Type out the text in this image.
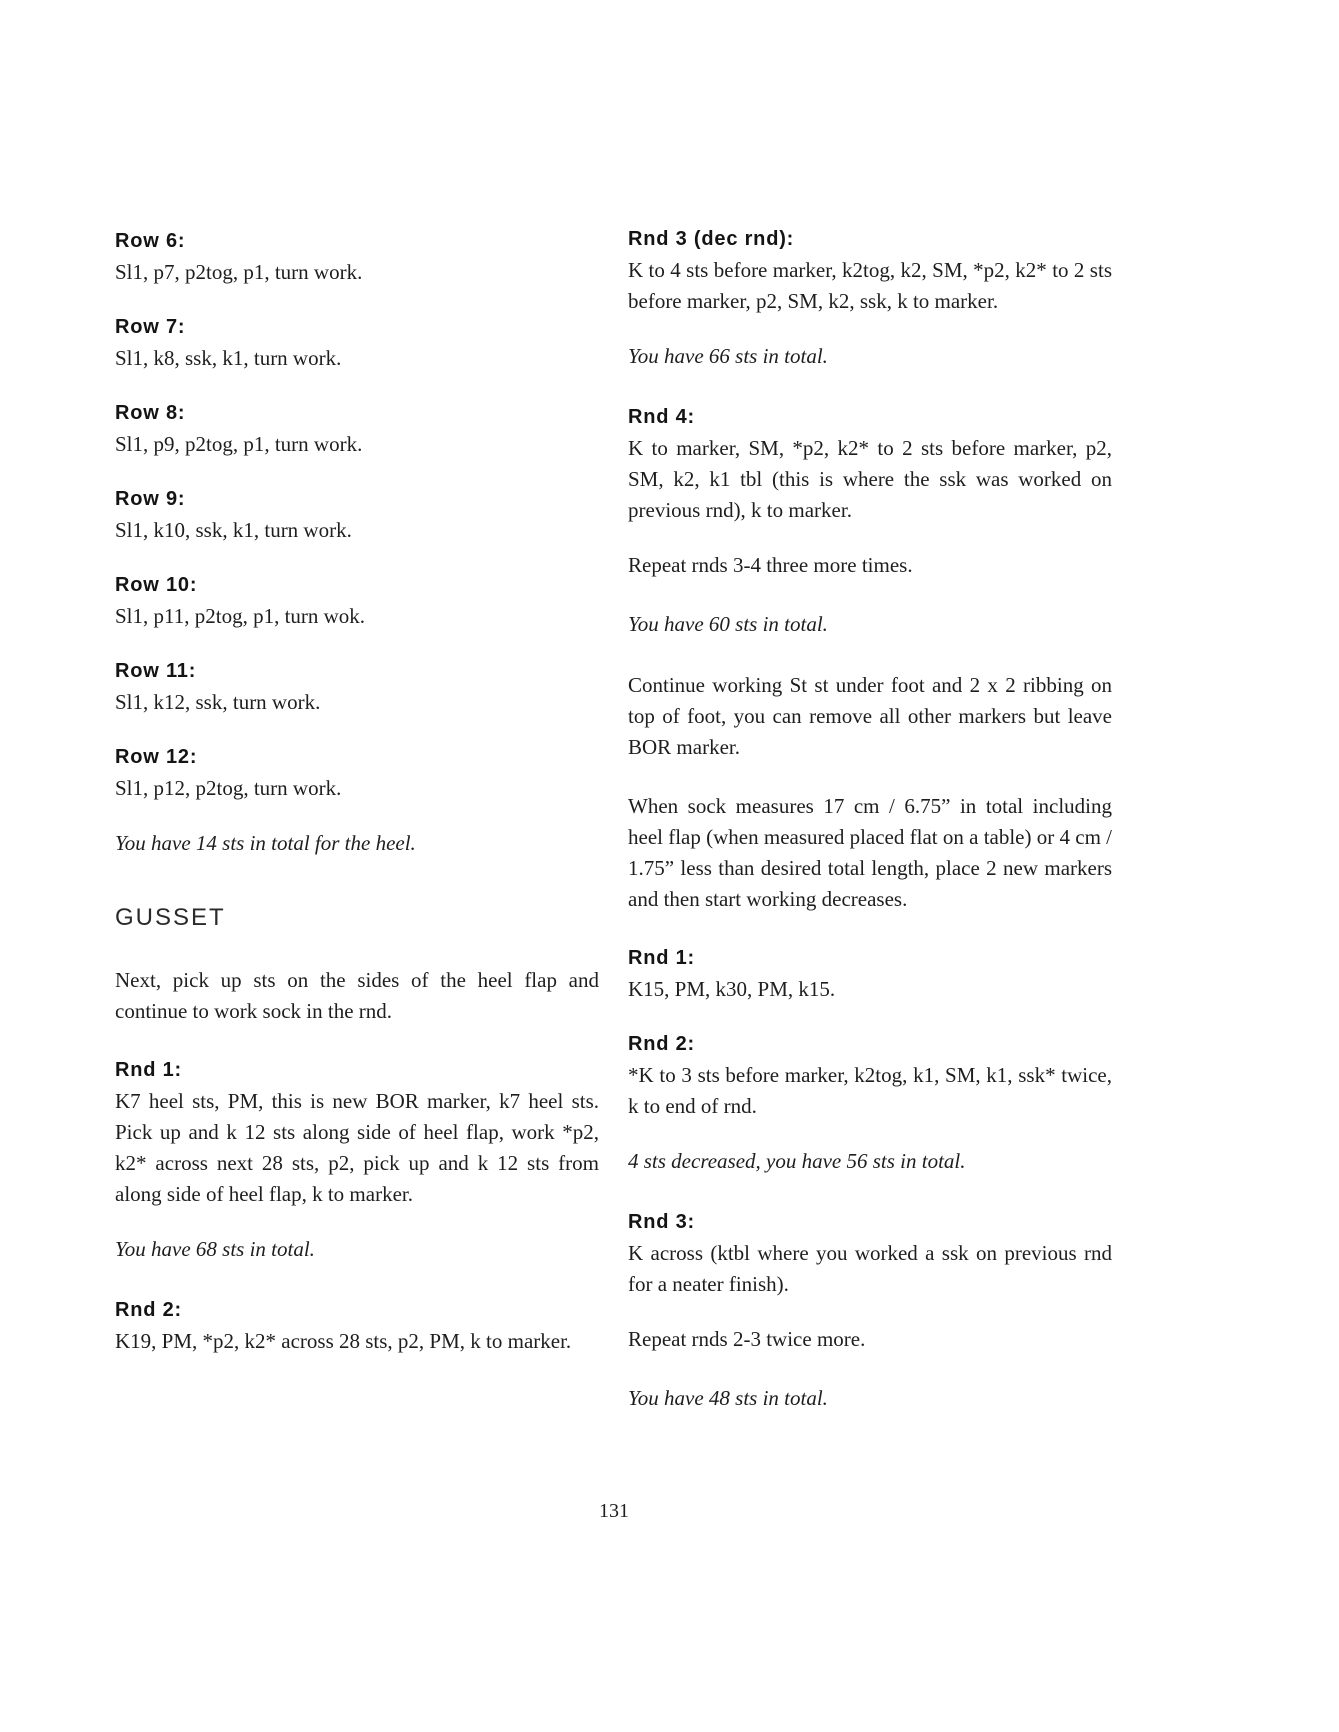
Row 6:
Sl1, p7, p2tog, p1, turn work.
Row 7:
Sl1, k8, ssk, k1, turn work.
Row 8:
Sl1, p9, p2tog, p1, turn work.
Row 9:
Sl1, k10, ssk, k1, turn work.
Row 10:
Sl1, p11, p2tog, p1, turn wok.
Row 11:
Sl1, k12, ssk, turn work.
Row 12:
Sl1, p12, p2tog, turn work.
You have 14 sts in total for the heel.
GUSSET
Next, pick up sts on the sides of the heel flap and continue to work sock in the rnd.
Rnd 1:
K7 heel sts, PM, this is new BOR marker, k7 heel sts. Pick up and k 12 sts along side of heel flap, work *p2, k2* across next 28 sts, p2, pick up and k 12 sts from along side of heel flap, k to marker.
You have 68 sts in total.
Rnd 2:
K19, PM, *p2, k2* across 28 sts, p2, PM, k to marker.
Rnd 3 (dec rnd):
K to 4 sts before marker, k2tog, k2, SM, *p2, k2* to 2 sts before marker, p2, SM, k2, ssk, k to marker.
You have 66 sts in total.
Rnd 4:
K to marker, SM, *p2, k2* to 2 sts before marker, p2, SM, k2, k1 tbl (this is where the ssk was worked on previous rnd), k to marker.
Repeat rnds 3-4 three more times.
You have 60 sts in total.
Continue working St st under foot and 2 x 2 ribbing on top of foot, you can remove all other markers but leave BOR marker.
When sock measures 17 cm / 6.75” in total including heel flap (when measured placed flat on a table) or 4 cm / 1.75” less than desired total length, place 2 new markers and then start working decreases.
Rnd 1:
K15, PM, k30, PM, k15.
Rnd 2:
*K to 3 sts before marker, k2tog, k1, SM, k1, ssk* twice, k to end of rnd.
4 sts decreased, you have 56 sts in total.
Rnd 3:
K across (ktbl where you worked a ssk on previous rnd for a neater finish).
Repeat rnds 2-3 twice more.
You have 48 sts in total.
131
